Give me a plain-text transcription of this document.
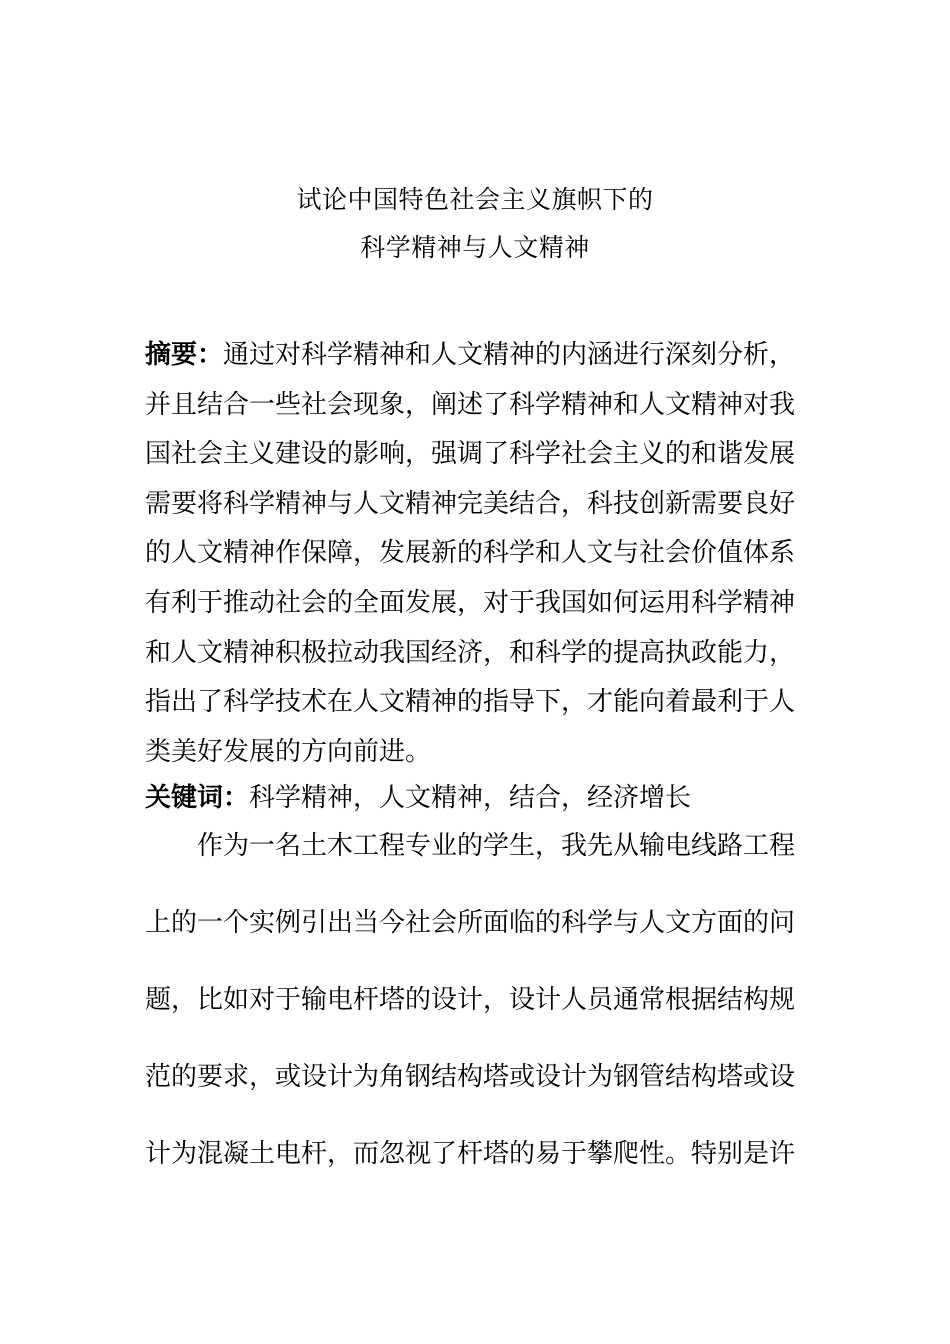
试论中国特色社会主义旗帜下的
科学精神与人文精神
摘要：通过对科学精神和人文精神的内涵进行深刻分析，
并且结合一些社会现象，阐述了科学精神和人文精神对我
国社会主义建设的影响，强调了科学社会主义的和谐发展
需要将科学精神与人文精神完美结合，科技创新需要良好
的人文精神作保障，发展新的科学和人文与社会价值体系
有利于推动社会的全面发展，对于我国如何运用科学精神
和人文精神积极拉动我国经济，和科学的提高执政能力，
指出了科学技术在人文精神的指导下，才能向着最利于人
类美好发展的方向前进。
关键词：科学精神，人文精神，结合，经济增长
作为一名土木工程专业的学生，我先从输电线路工程
上的一个实例引出当今社会所面临的科学与人文方面的问
题，比如对于输电杆塔的设计，设计人员通常根据结构规
范的要求，或设计为角钢结构塔或设计为钢管结构塔或设
计为混凝土电杆，而忽视了杆塔的易于攀爬性。特别是许
